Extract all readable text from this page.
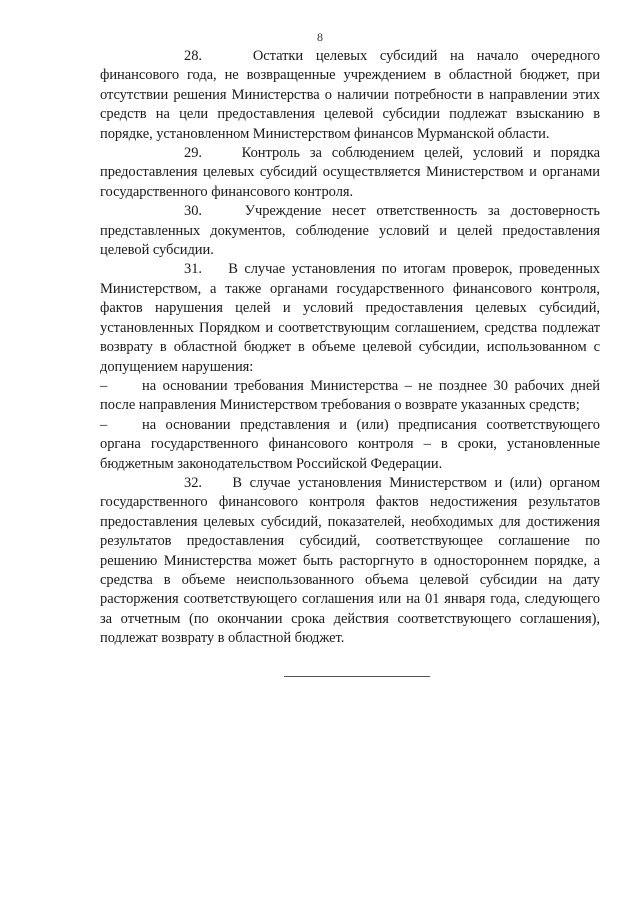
8

28.	Остатки целевых субсидий на начало очередного финансового года, не возвращенные учреждением в областной бюджет, при отсутствии решения Министерства о наличии потребности в направлении этих средств на цели предоставления целевой субсидии подлежат взысканию в порядке, установленном Министерством финансов Мурманской области.

29.	Контроль за соблюдением целей, условий и порядка предоставления целевых субсидий осуществляется Министерством и органами государственного финансового контроля.

30.	Учреждение несет ответственность за достоверность представленных документов, соблюдение условий и целей предоставления целевой субсидии.

31. В случае установления по итогам проверок, проведенных Министерством, а также органами государственного финансового контроля, фактов нарушения целей и условий предоставления целевых субсидий, установленных Порядком и соответствующим соглашением, средства подлежат возврату в областной бюджет в объеме целевой субсидии, использованном с допущением нарушения:

– на основании требования Министерства – не позднее 30 рабочих дней после направления Министерством требования о возврате указанных средств;

– на основании представления и (или) предписания соответствующего органа государственного финансового контроля – в сроки, установленные бюджетным законодательством Российской Федерации.

32. В случае установления Министерством и (или) органом государственного финансового контроля фактов недостижения результатов предоставления целевых субсидий, показателей, необходимых для достижения результатов предоставления субсидий, соответствующее соглашение по решению Министерства может быть расторгнуто в одностороннем порядке, а средства в объеме неиспользованного объема целевой субсидии на дату расторжения соответствующего соглашения или на 01 января года, следующего за отчетным (по окончании срока действия соответствующего соглашения), подлежат возврату в областной бюджет.
